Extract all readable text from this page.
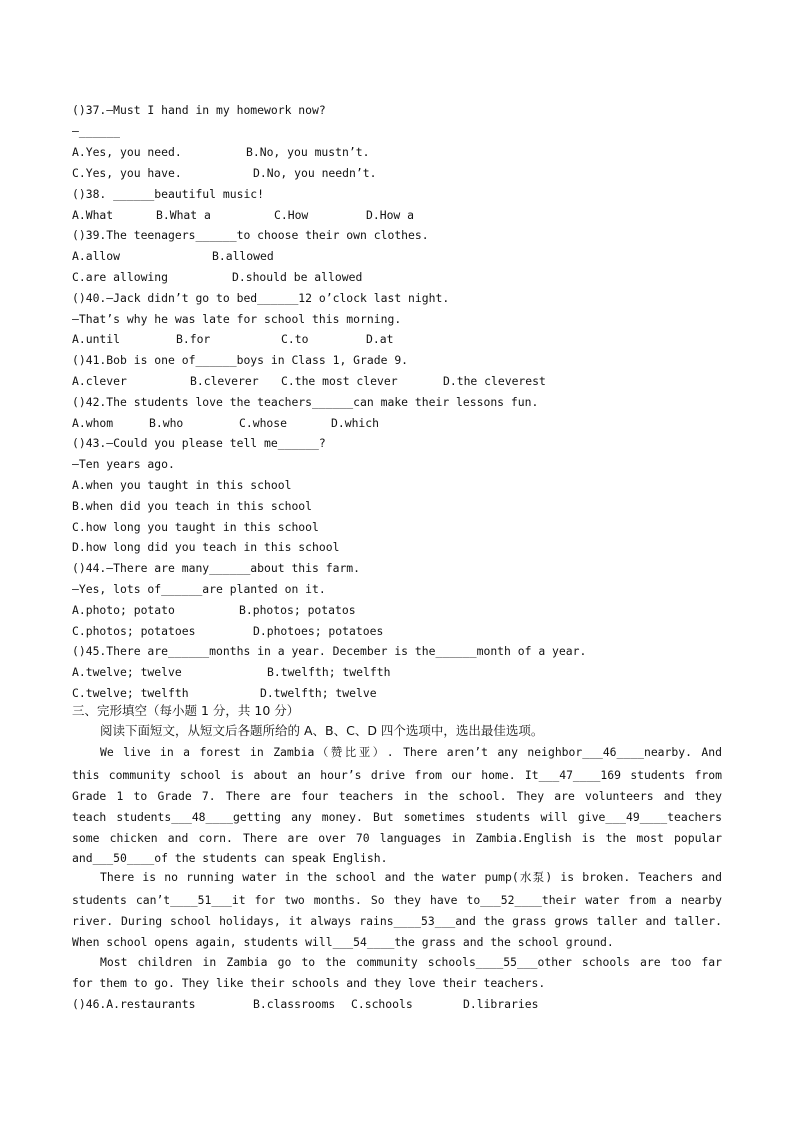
()37.—Must I hand in my homework now?
—______
A.Yes, you need.	B.No, you mustn’t.
C.Yes, you have.	D.No, you needn’t.
()38. ______beautiful music!
A.What	B.What a	C.How	D.How a
()39.The teenagers______to choose their own clothes.
A.allow	B.allowed
C.are allowing	D.should be allowed
()40.—Jack didn’t go to bed______12 o’clock last night.
—That’s why he was late for school this morning.
A.until	B.for	C.to	D.at
()41.Bob is one of______boys in Class 1, Grade 9.
A.clever	B.cleverer C.the most clever	D.the cleverest
()42.The students love the teachers______can make their lessons fun.
A.whom	B.who	C.whose	D.which
()43.—Could you please tell me______?
—Ten years ago.
A.when you taught in this school
B.when did you teach in this school
C.how long you taught in this school
D.how long did you teach in this school
()44.—There are many______about this farm.
—Yes, lots of______are planted on it.
A.photo; potato	B.photos; potatos
C.photos; potatoes	D.photoes; potatoes
()45.There are______months in a year. December is the______month of a year.
A.twelve; twelve	B.twelfth; twelfth
C.twelve; twelfth	D.twelfth; twelve
三、完形填空（每小题 1 分，共 10 分）
阅读下面短文，从短文后各题所给的 A、B、C、D 四个选项中，选出最佳选项。
We live in a forest in Zambia（赞比亚）. There aren’t any neighbor___46____nearby. And
this community school is about an hour’s drive from our home. It___47____169 students from
Grade 1 to Grade 7. There are four teachers in the school. They are volunteers and they
teach students___48____getting any money. But sometimes students will give___49____teachers
some chicken and corn. There are over 70 languages in Zambia.English is the most popular
and___50____of the students can speak English.
There is no running water in the school and the water pump(水泵) is broken. Teachers and
students can’t____51___it for two months. So they have to___52____their water from a nearby
river. During school holidays, it always rains____53___and the grass grows taller and taller.
When school opens again, students will___54____the grass and the school ground.
Most children in Zambia go to the community schools____55___other schools are too far
for them to go. They like their schools and they love their teachers.
()46.A.restaurants	B.classrooms C.schools	D.libraries
